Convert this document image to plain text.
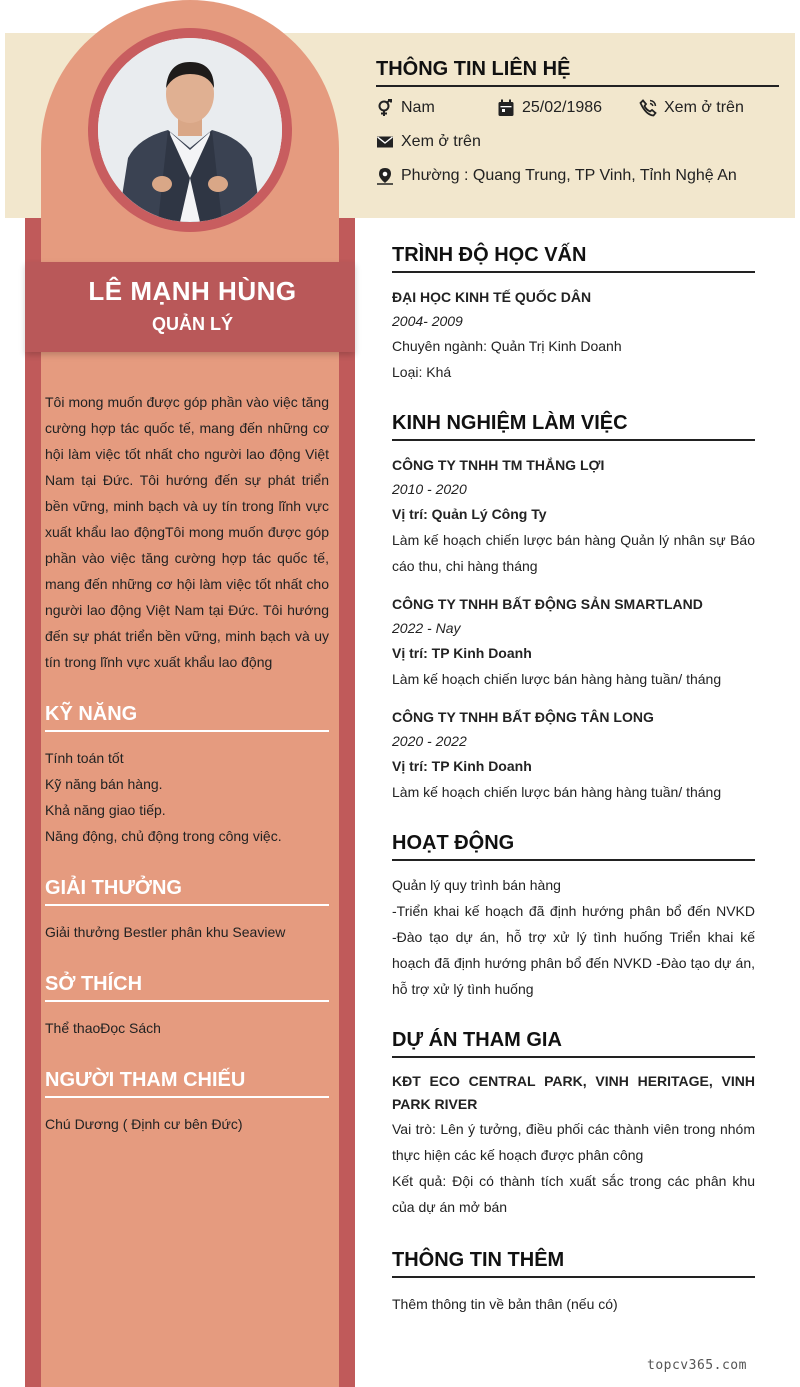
LÊ MẠNH HÙNG
QUẢN LÝ
Tôi mong muốn được góp phần vào việc tăng cường hợp tác quốc tế, mang đến những cơ hội làm việc tốt nhất cho người lao động Việt Nam tại Đức. Tôi hướng đến sự phát triển bền vững, minh bạch và uy tín trong lĩnh vực xuất khẩu lao độngTôi mong muốn được góp phần vào việc tăng cường hợp tác quốc tế, mang đến những cơ hội làm việc tốt nhất cho người lao động Việt Nam tại Đức. Tôi hướng đến sự phát triển bền vững, minh bạch và uy tín trong lĩnh vực xuất khẩu lao động
KỸ NĂNG
Tính toán tốt
Kỹ năng bán hàng.
Khả năng giao tiếp.
Năng động, chủ động trong công việc.
GIẢI THƯỞNG
Giải thưởng Bestler phân khu Seaview
SỞ THÍCH
Thể thaoĐọc Sách
NGƯỜI THAM CHIẾU
Chú Dương ( Định cư bên Đức)
THÔNG TIN LIÊN HỆ
Nam	25/02/1986	Xem ở trên
Xem ở trên
Phường : Quang Trung, TP Vinh, Tỉnh Nghệ An
TRÌNH ĐỘ HỌC VẤN
ĐẠI HỌC KINH TẾ QUỐC DÂN
2004- 2009
Chuyên ngành: Quản Trị Kinh Doanh
Loại: Khá
KINH NGHIỆM LÀM VIỆC
CÔNG TY TNHH TM THẮNG LỢI
2010 - 2020
Vị trí: Quản Lý Công Ty
Làm kế hoạch chiến lược bán hàng Quản lý nhân sự Báo cáo thu, chi hàng tháng
CÔNG TY TNHH BẤT ĐỘNG SẢN SMARTLAND
2022 - Nay
Vị trí: TP Kinh Doanh
Làm kế hoạch chiến lược bán hàng hàng tuần/ tháng
CÔNG TY TNHH BẤT ĐỘNG TÂN LONG
2020 - 2022
Vị trí: TP Kinh Doanh
Làm kế hoạch chiến lược bán hàng hàng tuần/ tháng
HOẠT ĐỘNG
Quản lý quy trình bán hàng
-Triển khai kế hoạch đã định hướng phân bổ đến NVKD -Đào tạo dự án, hỗ trợ xử lý tình huống Triển khai kế hoạch đã định hướng phân bổ đến NVKD -Đào tạo dự án, hỗ trợ xử lý tình huống
DỰ ÁN THAM GIA
KĐT ECO CENTRAL PARK, VINH HERITAGE, VINH PARK RIVER
Vai trò: Lên ý tưởng, điều phối các thành viên trong nhóm thực hiện các kế hoạch được phân công
Kết quả: Đội có thành tích xuất sắc trong các phân khu của dự án mở bán
THÔNG TIN THÊM
Thêm thông tin về bản thân (nếu có)
topcv365.com
